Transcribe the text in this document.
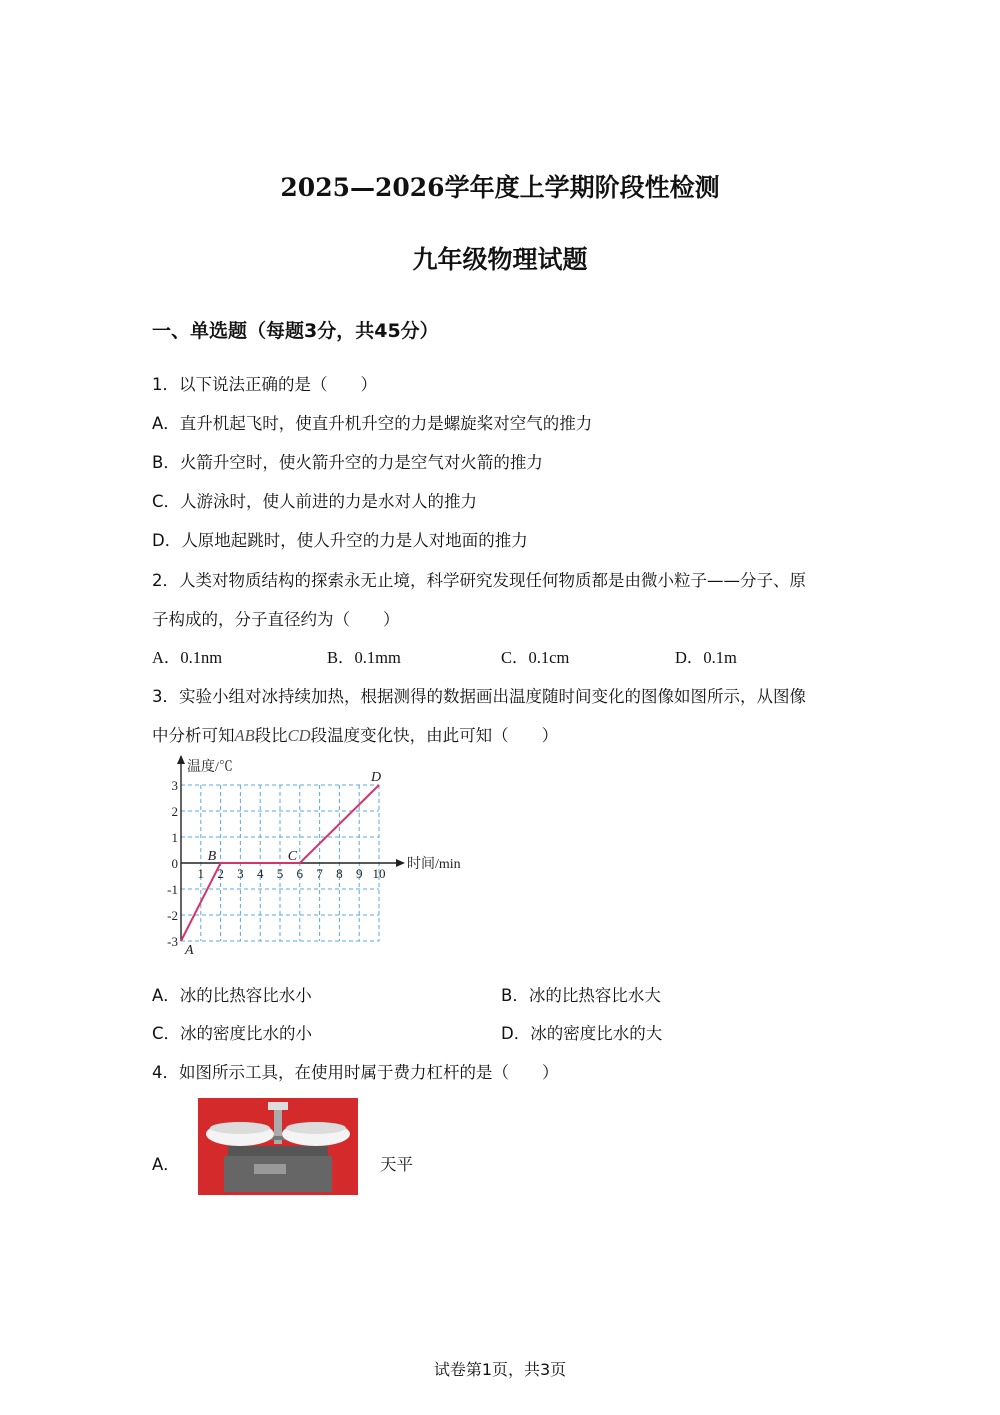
2025—2026学年度上学期阶段性检测
九年级物理试题
一、单选题（每题3分，共45分）
1．以下说法正确的是（　　）
A．直升机起飞时，使直升机升空的力是螺旋桨对空气的推力
B．火箭升空时，使火箭升空的力是空气对火箭的推力
C．人游泳时，使人前进的力是水对人的推力
D．人原地起跳时，使人升空的力是人对地面的推力
2．人类对物质结构的探索永无止境，科学研究发现任何物质都是由微小粒子——分子、原
子构成的，分子直径约为（　　）
A．0.1nm	B．0.1mm	C．0.1cm	D．0.1m
3．实验小组对冰持续加热，根据测得的数据画出温度随时间变化的图像如图所示，从图像
中分析可知AB段比CD段温度变化快，由此可知（　　）
温度/℃
时间/min
1 2 3 4 5 6 7 8 9 10
3
2
1
0
-1
-2
-3
A
B	C
D
A．冰的比热容比水小	B．冰的比热容比水大
C．冰的密度比水的小	D．冰的密度比水的大
4．如图所示工具，在使用时属于费力杠杆的是（　　）
A．	天平
试卷第1页，共3页
